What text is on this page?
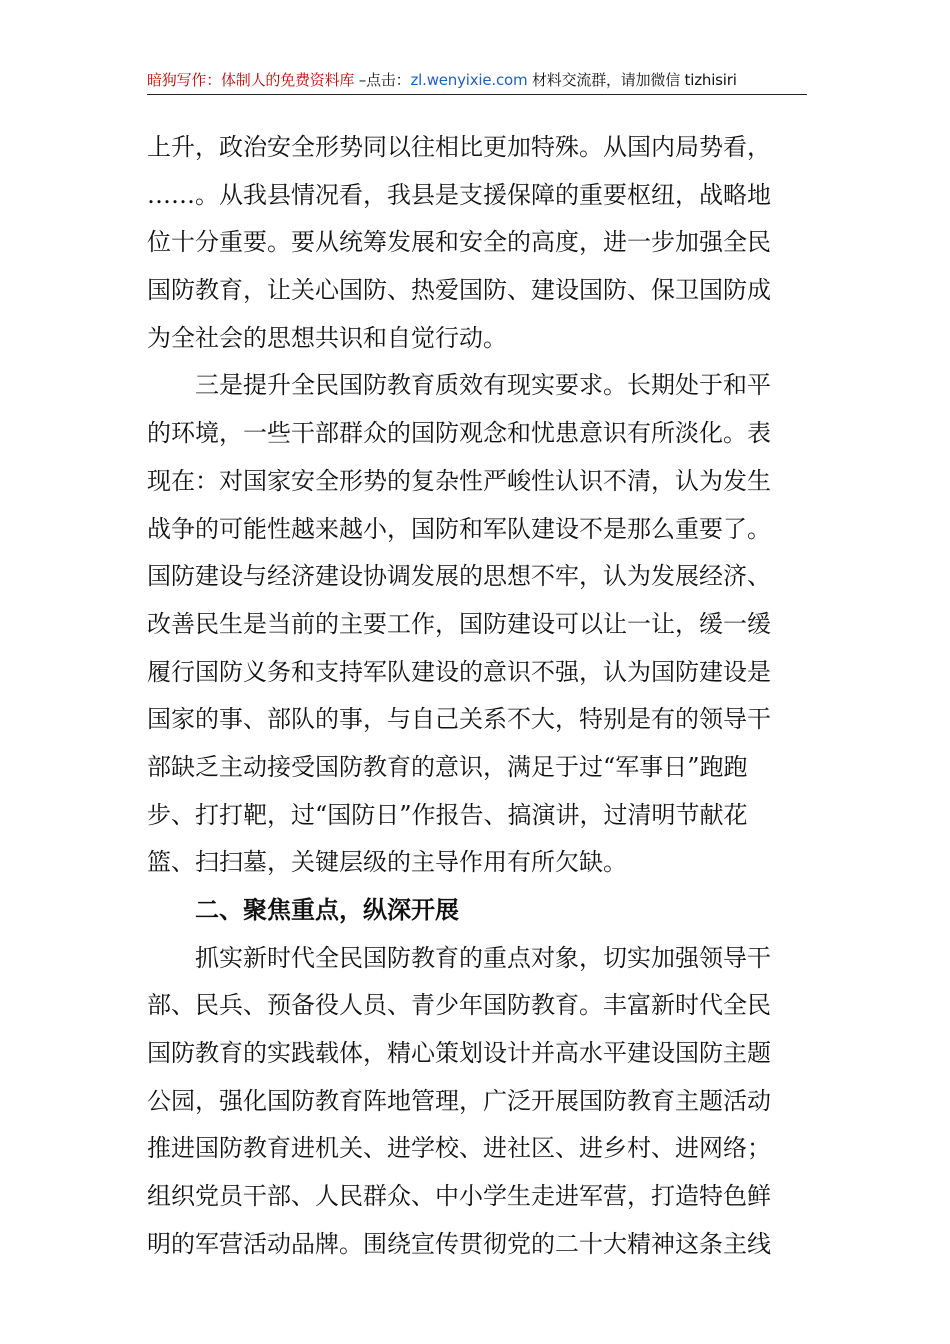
暗狗写作：体制人的免费资料库 –点击：zl.wenyixie.com 材料交流群，请加微信 tizhisiri
上升，政治安全形势同以往相比更加特殊。从国内局势看，
……。从我县情况看，我县是支援保障的重要枢纽，战略地
位十分重要。要从统筹发展和安全的高度，进一步加强全民
国防教育，让关心国防、热爱国防、建设国防、保卫国防成
为全社会的思想共识和自觉行动。
　　三是提升全民国防教育质效有现实要求。长期处于和平
的环境，一些干部群众的国防观念和忧患意识有所淡化。表
现在：对国家安全形势的复杂性严峻性认识不清，认为发生
战争的可能性越来越小，国防和军队建设不是那么重要了。
国防建设与经济建设协调发展的思想不牢，认为发展经济、
改善民生是当前的主要工作，国防建设可以让一让，缓一缓
履行国防义务和支持军队建设的意识不强，认为国防建设是
国家的事、部队的事，与自己关系不大，特别是有的领导干
部缺乏主动接受国防教育的意识，满足于过“军事日”跑跑
步、打打靶，过“国防日”作报告、搞演讲，过清明节献花
篮、扫扫墓，关键层级的主导作用有所欠缺。
　　二、聚焦重点，纵深开展
　　抓实新时代全民国防教育的重点对象，切实加强领导干
部、民兵、预备役人员、青少年国防教育。丰富新时代全民
国防教育的实践载体，精心策划设计并高水平建设国防主题
公园，强化国防教育阵地管理，广泛开展国防教育主题活动
推进国防教育进机关、进学校、进社区、进乡村、进网络；
组织党员干部、人民群众、中小学生走进军营，打造特色鲜
明的军营活动品牌。围绕宣传贯彻党的二十大精神这条主线
